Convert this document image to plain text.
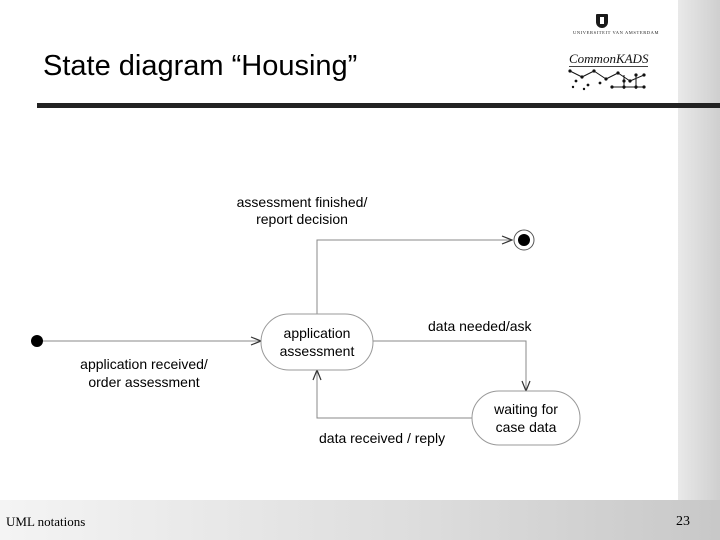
State diagram “Housing”
UNIVERSITEIT VAN AMSTERDAM
CommonKADS
application
assessment
waiting for
case data
assessment finished/
report decision
application received/
order assessment
data needed/ask
data received / reply
UML notations	23
